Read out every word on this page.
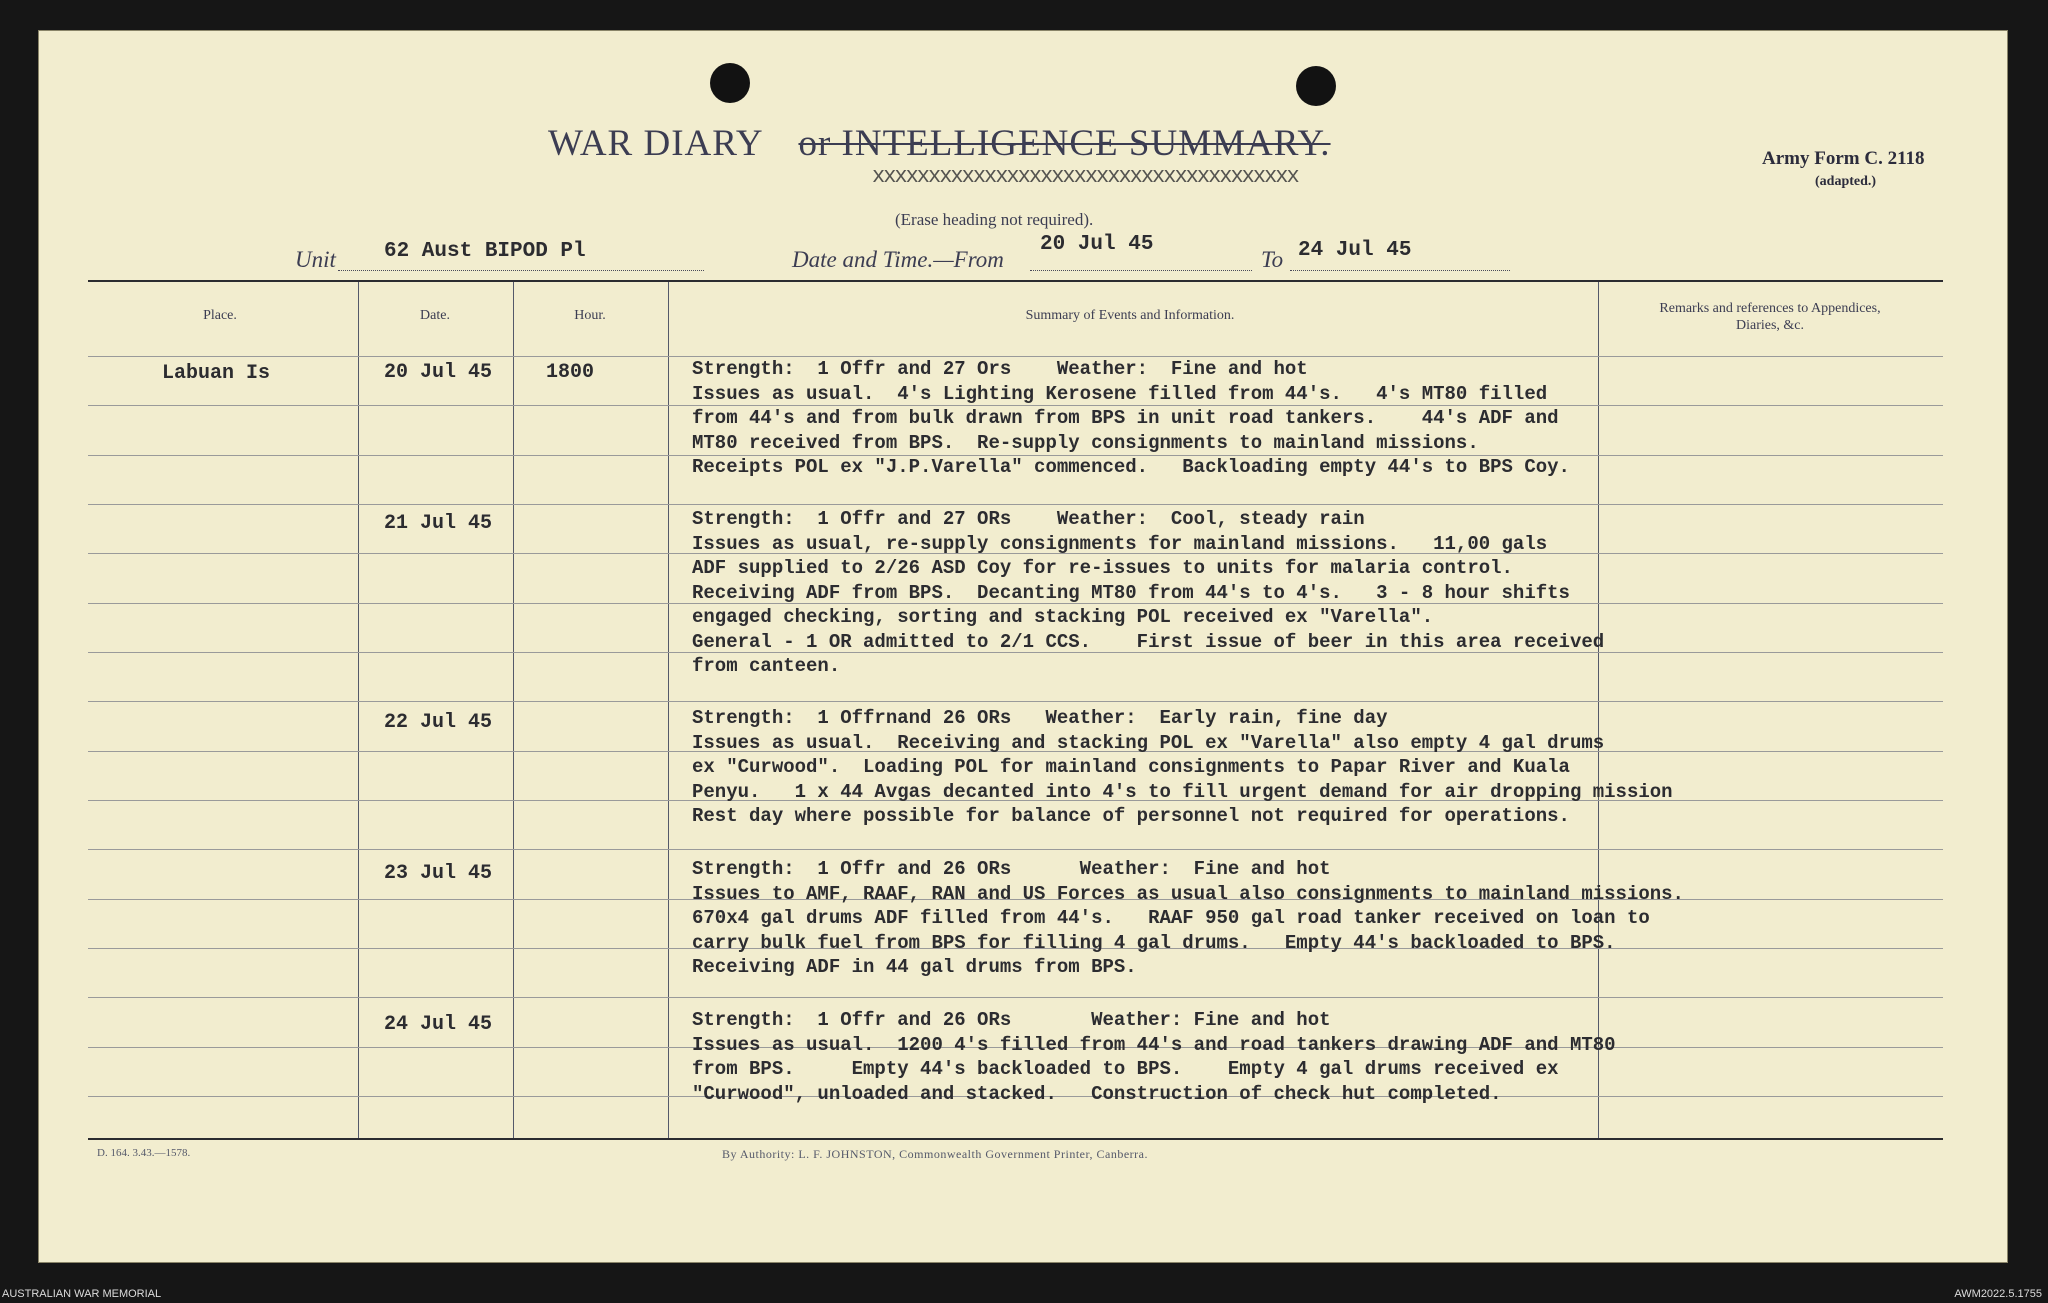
WAR DIARY or INTELLIGENCE SUMMARY.
xxxxxxxxxxxxxxxxxxxxxxxxxxxxxxxxxxxxxx
(Erase heading not required).
Army Form C. 2118
(adapted.)
Unit 62 Aust BIPOD Pl	Date and Time.—From
20 Jul 45
To 24 Jul 45
Place.	Date.	Hour.	Summary of Events and Information.	Remarks and references to Appendices, Diaries, &c.
Labuan Is	20 Jul 45	1800	Strength:  1 Offr and 27 Ors    Weather:  Fine and hot
Issues as usual.  4's Lighting Kerosene filled from 44's.   4's MT80 filled
from 44's and from bulk drawn from BPS in unit road tankers.    44's ADF and
MT80 received from BPS.  Re-supply consignments to mainland missions.
Receipts POL ex "J.P.Varella" commenced.   Backloading empty 44's to BPS Coy.
21 Jul 45	Strength:  1 Offr and 27 ORs    Weather:  Cool, steady rain
Issues as usual, re-supply consignments for mainland missions.   11,00 gals
ADF supplied to 2/26 ASD Coy for re-issues to units for malaria control.
Receiving ADF from BPS.  Decanting MT80 from 44's to 4's.   3 - 8 hour shifts
engaged checking, sorting and stacking POL received ex "Varella".
General - 1 OR admitted to 2/1 CCS.    First issue of beer in this area received
from canteen.
22 Jul 45	Strength:  1 Offrnand 26 ORs   Weather:  Early rain, fine day
Issues as usual.  Receiving and stacking POL ex "Varella" also empty 4 gal drums
ex "Curwood".  Loading POL for mainland consignments to Papar River and Kuala
Penyu.   1 x 44 Avgas decanted into 4's to fill urgent demand for air dropping mission
Rest day where possible for balance of personnel not required for operations.
23 Jul 45	Strength:  1 Offr and 26 ORs      Weather:  Fine and hot
Issues to AMF, RAAF, RAN and US Forces as usual also consignments to mainland missions.
670x4 gal drums ADF filled from 44's.   RAAF 950 gal road tanker received on loan to
carry bulk fuel from BPS for filling 4 gal drums.   Empty 44's backloaded to BPS.
Receiving ADF in 44 gal drums from BPS.
24 Jul 45	Strength:  1 Offr and 26 ORs       Weather: Fine and hot
Issues as usual.  1200 4's filled from 44's and road tankers drawing ADF and MT80
from BPS.     Empty 44's backloaded to BPS.    Empty 4 gal drums received ex
"Curwood", unloaded and stacked.   Construction of check hut completed.
D. 164. 3.43.—1578.	By Authority: L. F. JOHNSTON, Commonwealth Government Printer, Canberra.
AUSTRALIAN WAR MEMORIAL	AWM2022.5.1755
